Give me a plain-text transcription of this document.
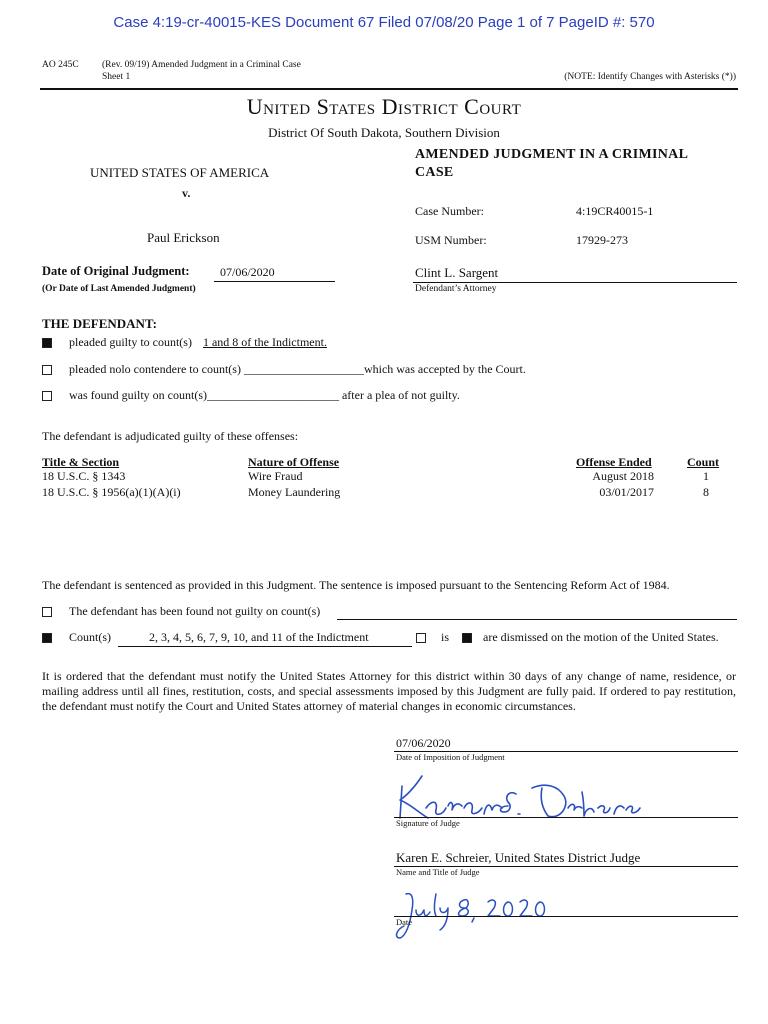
Case 4:19-cr-40015-KES Document 67 Filed 07/08/20 Page 1 of 7 PageID #: 570
AO 245C (Rev. 09/19) Amended Judgment in a Criminal Case
Sheet 1	(NOTE: Identify Changes with Asterisks (*))
United States District Court
District Of South Dakota, Southern Division
AMENDED JUDGMENT IN A CRIMINAL CASE
UNITED STATES OF AMERICA
v.
Case Number:	4:19CR40015-1
Paul Erickson	USM Number:	17929-273
Date of Original Judgment:	07/06/2020
(Or Date of Last Amended Judgment)
Clint L. Sargent
Defendant’s Attorney
THE DEFENDANT:
pleaded guilty to count(s) 1 and 8 of the Indictment.
pleaded nolo contendere to count(s) ____________________which was accepted by the Court.
was found guilty on count(s)______________________ after a plea of not guilty.
The defendant is adjudicated guilty of these offenses:
Title & Section	Nature of Offense	Offense Ended	Count
18 U.S.C. § 1343	Wire Fraud	August 2018	1
18 U.S.C. § 1956(a)(1)(A)(i)	Money Laundering	03/01/2017	8
The defendant is sentenced as provided in this Judgment. The sentence is imposed pursuant to the Sentencing Reform Act of 1984.
The defendant has been found not guilty on count(s)
Count(s)	2, 3, 4, 5, 6, 7, 9, 10, and 11 of the Indictment	is	are dismissed on the motion of the United States.
It is ordered that the defendant must notify the United States Attorney for this district within 30 days of any change of name, residence, or mailing address until all fines, restitution, costs, and special assessments imposed by this Judgment are fully paid. If ordered to pay restitution, the defendant must notify the Court and United States attorney of material changes in economic circumstances.
07/06/2020
Date of Imposition of Judgment
Signature of Judge
Karen E. Schreier, United States District Judge
Name and Title of Judge
Date
